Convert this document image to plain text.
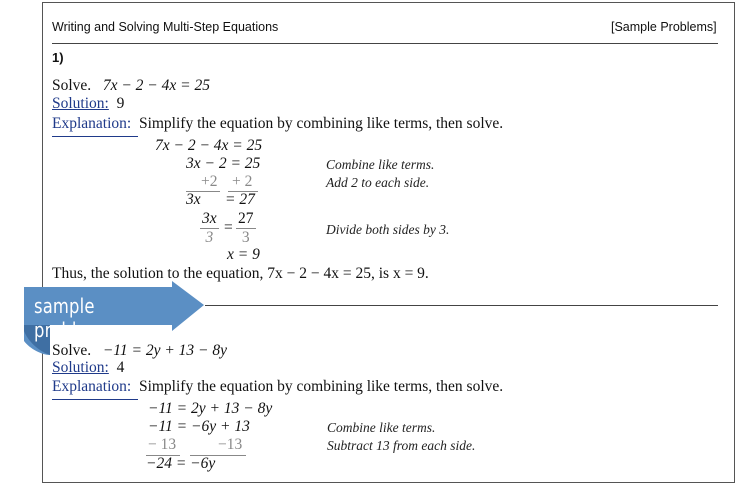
Writing and Solving Multi-Step Equations	[Sample Problems]
1)
Solve. 7x − 2 − 4x = 25
Solution: 9
Explanation: Simplify the equation by combining like terms, then solve.
7x − 2 − 4x = 25
3x − 2 = 25	Combine like terms.
+2 + 2	Add 2 to each side.
3x = 27
$\frac{3x}{3} = \frac{27}{3}$	Divide both sides by 3.
x = 9
Thus, the solution to the equation, 7x − 2 − 4x = 25, is x = 9.
sample problems
Solve. −11 = 2y + 13 − 8y
Solution: 4
Explanation: Simplify the equation by combining like terms, then solve.
−11 = 2y + 13 − 8y
−11 = −6y + 13	Combine like terms.
− 13	−13	Subtract 13 from each side.
−24 = −6y
